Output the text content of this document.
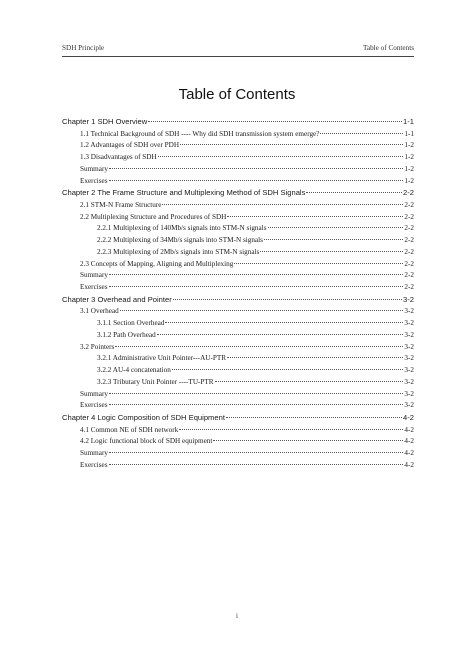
SDH Principle	Table of Contents
Table of Contents
Chapter 1 SDH Overview	1-1
1.1 Technical Background of SDH ---- Why did SDH transmission system emerge?	1-1
1.2 Advantages of SDH over PDH	1-2
1.3 Disadvantages of SDH	1-2
Summary	1-2
Exercises	1-2
Chapter 2 The Frame Structure and Multiplexing Method of SDH Signals	2-2
2.1 STM-N Frame Structure	2-2
2.2 Multiplexing Structure and Procedures of SDH	2-2
2.2.1 Multiplexing of 140Mb/s signals into STM-N signals	2-2
2.2.2 Multiplexing of 34Mb/s signals into STM-N signals	2-2
2.2.3 Multiplexing of 2Mb/s signals into STM-N signals	2-2
2.3 Concepts of Mapping, Aligning and Multiplexing	2-2
Summary	2-2
Exercises	2-2
Chapter 3 Overhead and Pointer	3-2
3.1 Overhead	3-2
3.1.1 Section Overhead	3-2
3.1.2 Path Overhead	3-2
3.2 Pointers	3-2
3.2.1 Administrative Unit Pointer---AU-PTR	3-2
3.2.2 AU-4 concatenation	3-2
3.2.3 Tributary Unit Pointer ----TU-PTR	3-2
Summary	3-2
Exercises	3-2
Chapter 4 Logic Composition of SDH Equipment	4-2
4.1 Common NE of SDH network	4-2
4.2 Logic functional block of SDH equipment	4-2
Summary	4-2
Exercises	4-2
i
